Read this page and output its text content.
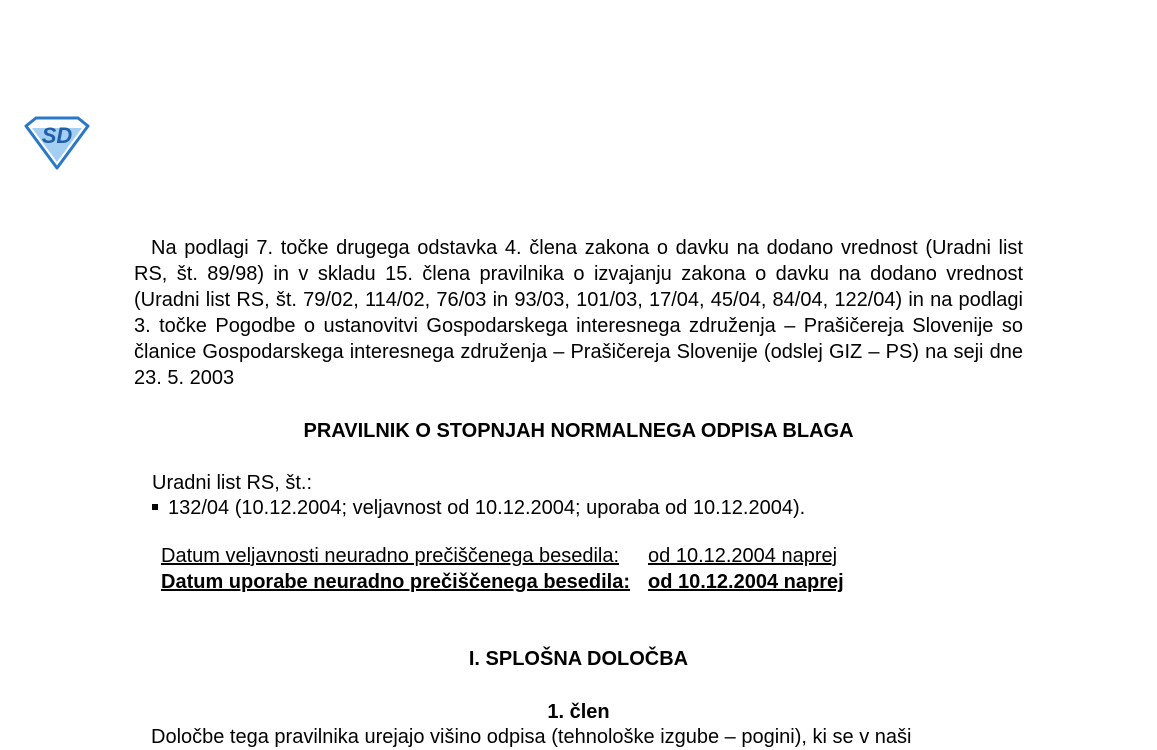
SD

Na podlagi 7. točke drugega odstavka 4. člena zakona o davku na dodano vrednost (Uradni list RS, št. 89/98) in v skladu 15. člena pravilnika o izvajanju zakona o davku na dodano vrednost (Uradni list RS, št. 79/02, 114/02, 76/03 in 93/03, 101/03, 17/04, 45/04, 84/04, 122/04) in na podlagi 3. točke Pogodbe o ustanovitvi Gospodarskega interesnega združenja – Prašičereja Slovenije so članice Gospodarskega interesnega združenja – Prašičereja Slovenije (odslej GIZ – PS) na seji dne 23. 5. 2003

PRAVILNIK O STOPNJAH NORMALNEGA ODPISA BLAGA

Uradni list RS, št.:

132/04 (10.12.2004; veljavnost od 10.12.2004; uporaba od 10.12.2004).

Datum veljavnosti neuradno prečiščenega besedila:	od 10.12.2004 naprej
Datum uporabe neuradno prečiščenega besedila:	od 10.12.2004 naprej
I. SPLOŠNA DOLOČBA
1. člen

Določbe tega pravilnika urejajo višino odpisa (tehnološke izgube – pogini), ki se v naši
